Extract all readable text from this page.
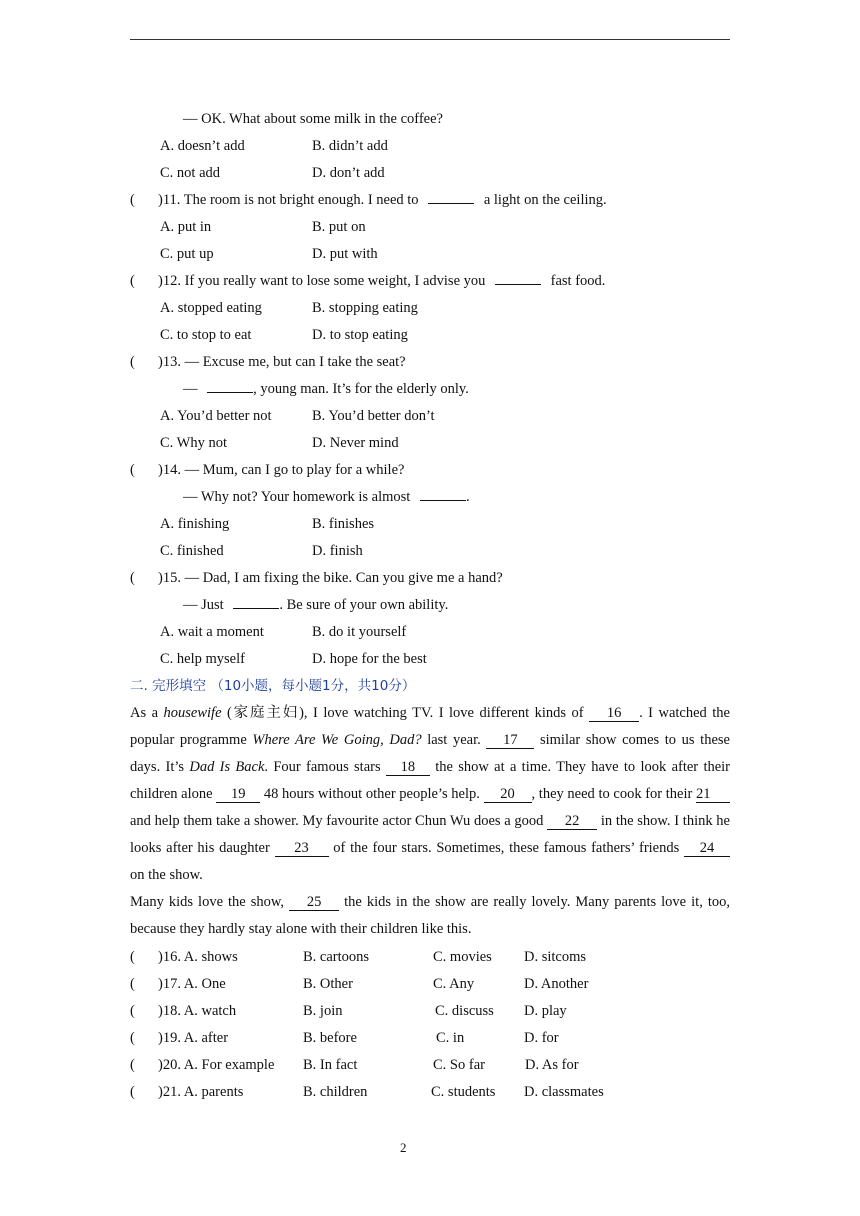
— OK. What about some milk in the coffee?
A. doesn’t add	B. didn’t add
C. not add	D. don’t add
( )11. The room is not bright enough. I need to	a light on the ceiling.
A. put in	B. put on
C. put up	D. put with
( )12. If you really want to lose some weight, I advise you	fast food.
A. stopped eating	B. stopping eating
C. to stop to eat	D. to stop eating
( )13. — Excuse me, but can I take the seat?
—	, young man. It’s for the elderly only.
A. You’d better not	B. You’d better don’t
C. Why not	D. Never mind
( )14. — Mum, can I go to play for a while?
— Why not? Your homework is almost	.
A. finishing	B. finishes
C. finished	D. finish
( )15. — Dad, I am fixing the bike. Can you give me a hand?
— Just	. Be sure of your own ability.
A. wait a moment	B. do it yourself
C. help myself	D. hope for the best
二. 完形填空 （10小题，每小题1分，共10分）
As a housewife (家庭主妇), I love watching TV. I love different kinds of 16 . I watched the popular programme Where Are We Going, Dad? last year. 17 similar show comes to us these days. It’s Dad Is Back. Four famous stars 18 the show at a time. They have to look after their children alone 19 48 hours without other people’s help. 20 , they need to cook for their 21 and help them take a shower. My favourite actor Chun Wu does a good 22 in the show. I think he looks after his daughter 23 of the four stars. Sometimes, these famous fathers’ friends 24 on the show.
Many kids love the show, 25 the kids in the show are really lovely. Many parents love it, too, because they hardly stay alone with their children like this.
( )16. A. shows	B. cartoons	C. movies D. sitcoms
( )17. A. One	B. Other	C. Any	D. Another
( )18. A. watch	B. join	C. discuss D. play
( )19. A. after	B. before	C. in	D. for
( )20. A. For example B. In fact	C. So far	D. As for
( )21. A. parents	B. children	C. students D. classmates
2
